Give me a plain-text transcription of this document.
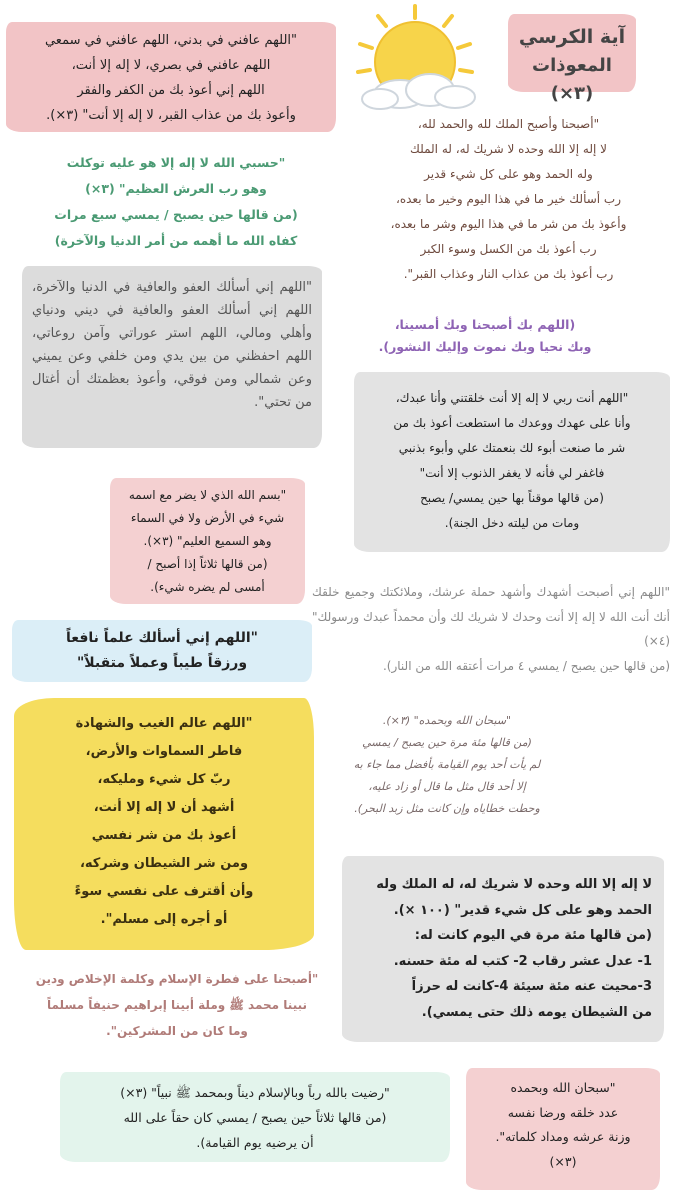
آية الكرسي

المعوذات (٣×)

"اللهم عافني في بدني، اللهم عافني في سمعي
اللهم عافني في بصري، لا إله إلا أنت،
اللهم إني أعوذ بك من الكفر والفقر
وأعوذ بك من عذاب القبر، لا إله إلا أنت" (٣×).

"أصبحنا وأصبح الملك لله والحمد لله،
لا إله إلا الله وحده لا شريك له، له الملك
وله الحمد وهو على كل شيء قدير
رب أسألك خير ما في هذا اليوم وخير ما بعده،
وأعوذ بك من شر ما في هذا اليوم وشر ما بعده،
رب أعوذ بك من الكسل وسوء الكبر
رب أعوذ بك من عذاب النار وعذاب القبر".

"حسبي الله لا إله إلا هو عليه توكلت
وهو رب العرش العظيم" (٣×)
(من قالها حين يصبح / يمسي سبع مرات
كفاه الله ما أهمه من أمر الدنيا والآخرة)

"اللهم إني أسألك العفو والعافية في الدنيا والآخرة، اللهم إني أسألك العفو والعافية في ديني ودنياي وأهلي ومالي، اللهم استر عوراتي وآمن روعاتي، اللهم احفظني من بين يدي ومن خلفي وعن يميني وعن شمالي ومن فوقي، وأعوذ بعظمتك أن أغتال من تحتي".

(اللهم بك أصبحنا وبك أمسينا،
وبك نحيا وبك نموت وإليك النشور).

"اللهم أنت ربي لا إله إلا أنت خلقتني وأنا عبدك،
وأنا على عهدك ووعدك ما استطعت أعوذ بك من
شر ما صنعت أبوء لك بنعمتك علي وأبوء بذنبي
فاغفر لي فأنه لا يغفر الذنوب إلا أنت"
(من قالها موقناً بها حين يمسي/ يصبح
ومات من ليلته دخل الجنة).

"بسم الله الذي لا يضر مع اسمه
شيء في الأرض ولا في السماء
وهو السميع العليم" (٣×).
(من قالها ثلاثاً إذا أصبح /
أمسى لم يضره شيء).	"اللهم إني أصبحت أشهدك وأشهد حملة عرشك، وملائكتك وجميع خلقك أنك أنت الله لا إله إلا أنت وحدك لا شريك لك وأن محمداً عبدك ورسولك" (٤×)
(من قالها حين يصبح / يمسي ٤ مرات أعتقه الله من النار).

"اللهم إني أسألك علماً نافعاً
ورزقاً طيباً وعملاً متقبلاً"

"سبحان الله وبحمده" (٣×).
(من قالها مئة مرة حين يصبح / يمسي
لم يأت أحد يوم القيامة بأفضل مما جاء به
إلا أحد قال مثل ما قال أو زاد عليه،
وحطت خطاياه وإن كانت مثل زبد البحر).

"اللهم عالم الغيب والشهادة
فاطر السماوات والأرض،
ربّ كل شيء ومليكه،
أشهد أن لا إله إلا أنت،
أعوذ بك من شر نفسي
ومن شر الشيطان وشركه،
وأن أقترف على نفسي سوءً
أو أجره إلى مسلم".

لا إله إلا الله وحده لا شريك له، له الملك وله الحمد وهو على كل شيء قدير" (١٠٠ ×).
(من قالها مئة مرة في اليوم كانت له:
1- عدل عشر رقاب 2- كتب له مئة حسنه.
3-محيت عنه مئة سيئة 4-كانت له حرزاً
من الشيطان يومه ذلك حتى يمسي).

"أصبحنا على فطرة الإسلام وكلمة الإخلاص ودين
نبينا محمد ﷺ وملة أبينا إبراهيم حنيفاً مسلماً
وما كان من المشركين".

"رضيت بالله رباً وبالإسلام ديناً وبمحمد ﷺ نبياً" (٣×)
(من قالها ثلاثاً حين يصبح / يمسي كان حقاً على الله
أن يرضيه يوم القيامة).

"سبحان الله وبحمده
عدد خلقه ورضا نفسه
وزنة عرشه ومداد كلماته".
(٣×)
